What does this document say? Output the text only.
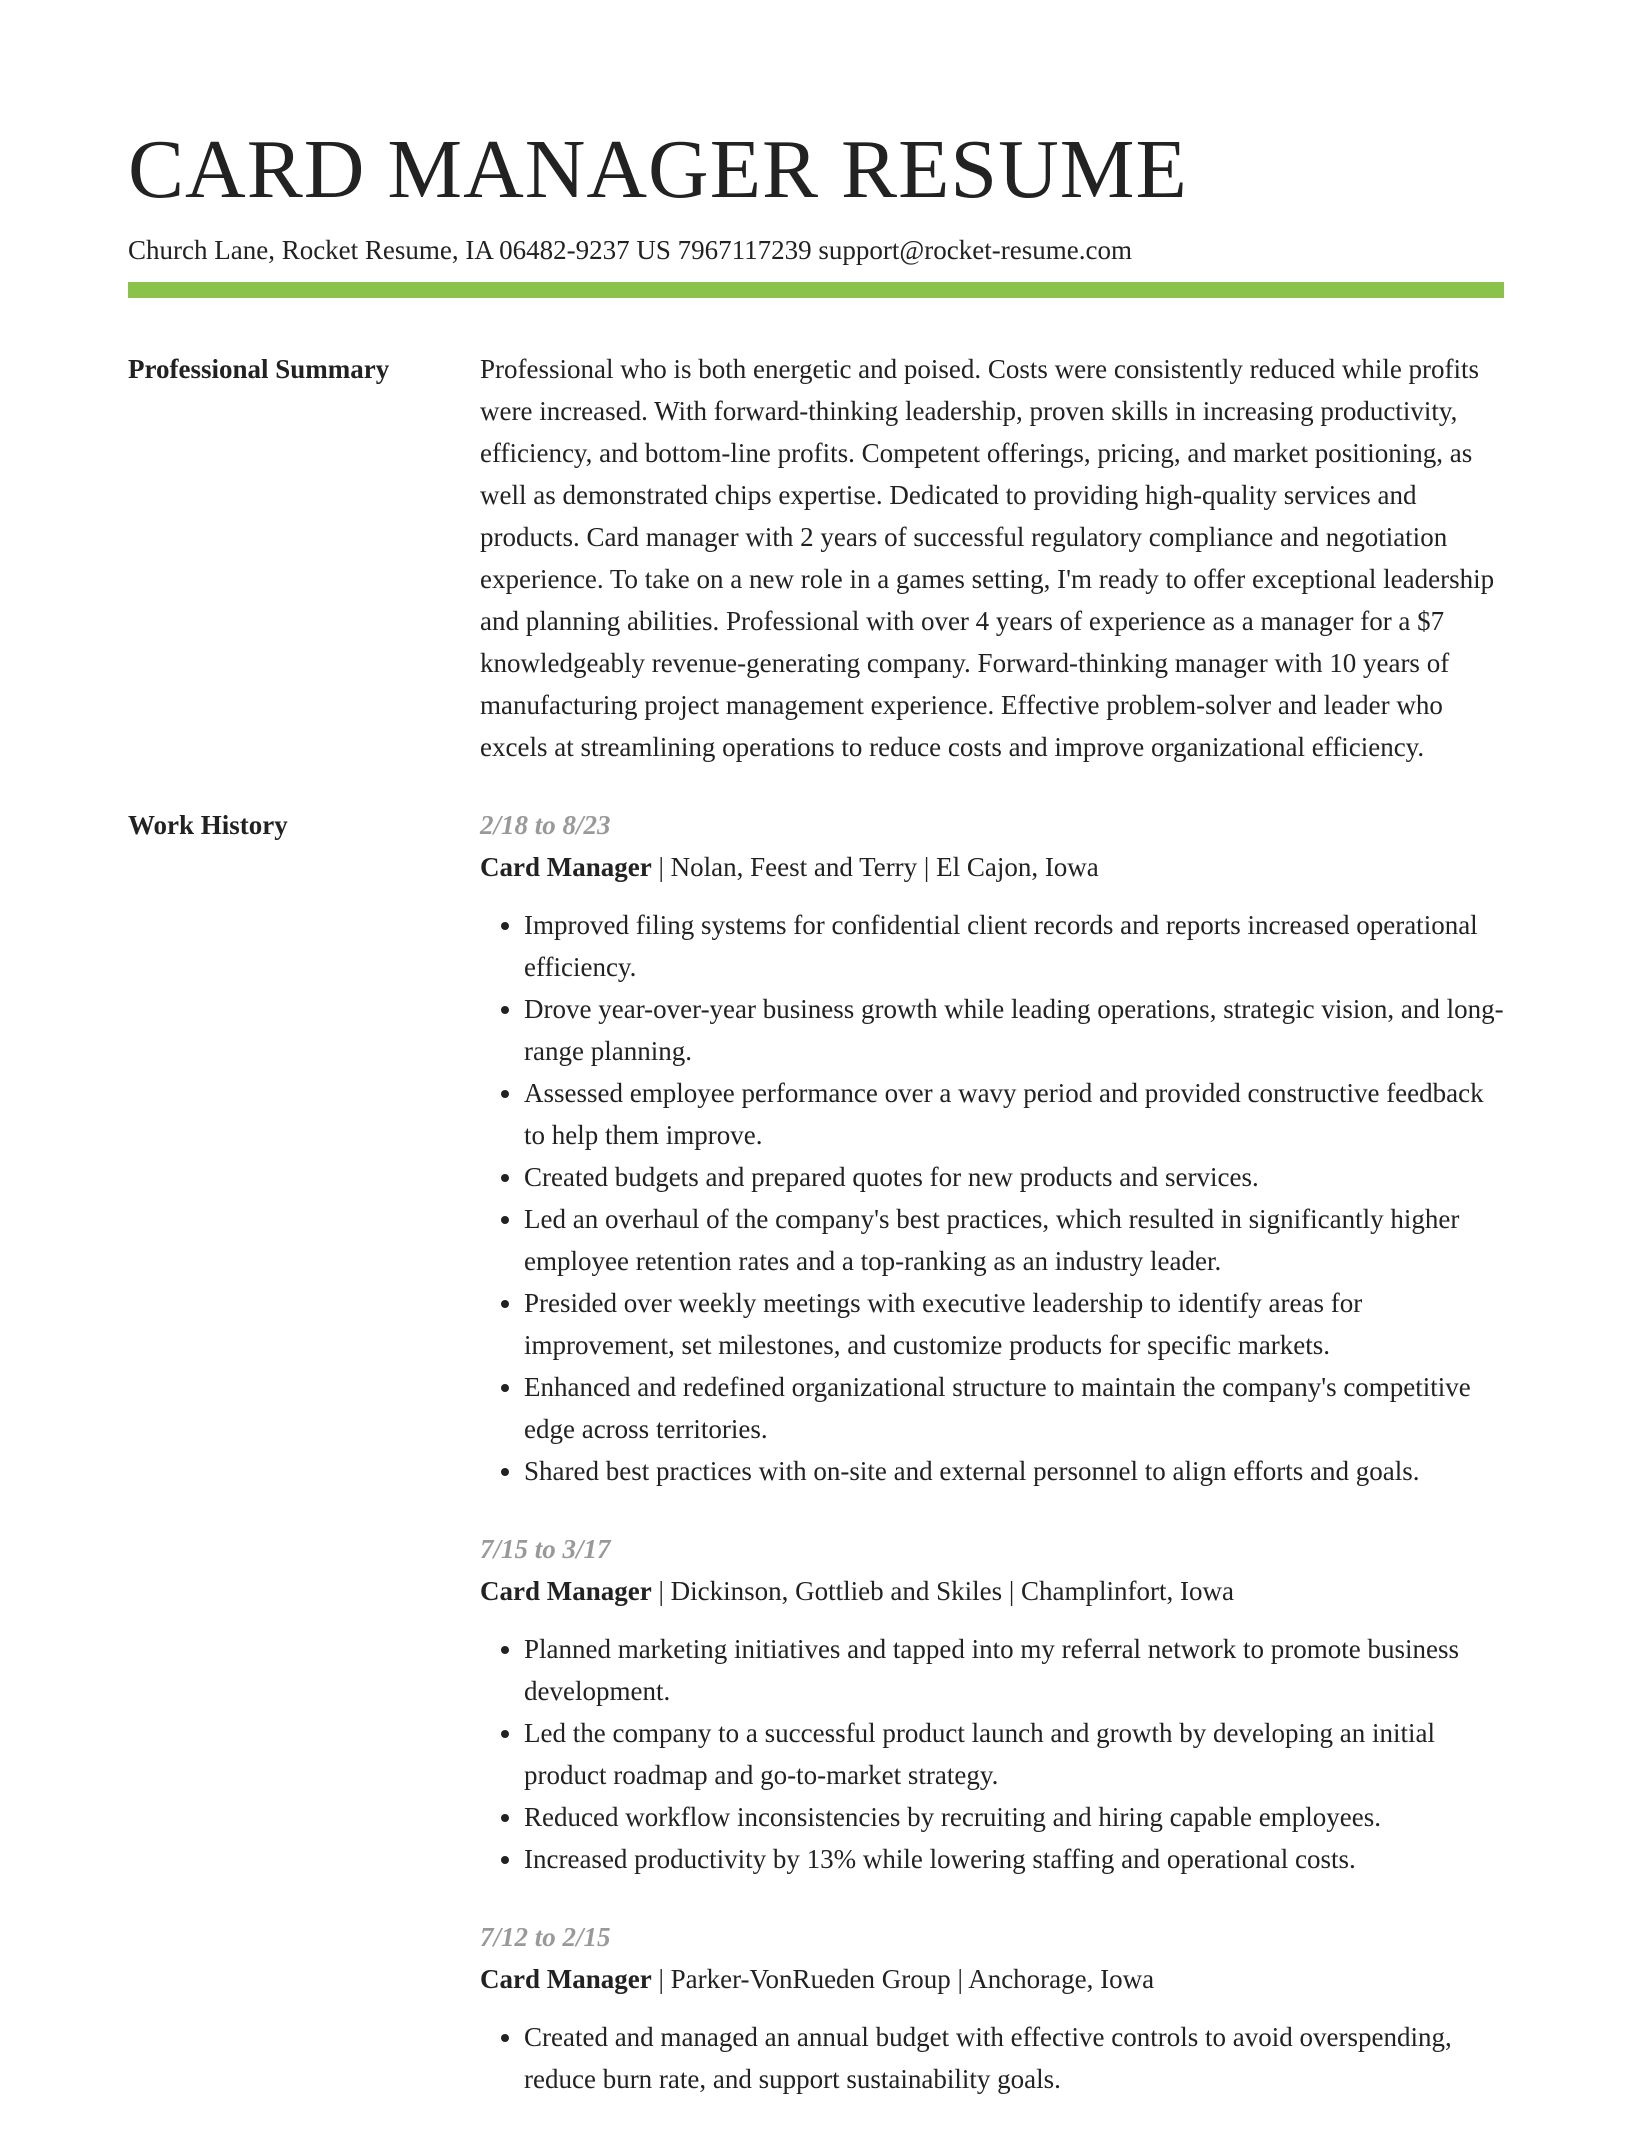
CARD MANAGER RESUME
Church Lane, Rocket Resume, IA 06482-9237 US 7967117239 support@rocket-resume.com
Professional Summary	Professional who is both energetic and poised. Costs were consistently reduced while profits were increased. With forward-thinking leadership, proven skills in increasing productivity, efficiency, and bottom-line profits. Competent offerings, pricing, and market positioning, as well as demonstrated chips expertise. Dedicated to providing high-quality services and products. Card manager with 2 years of successful regulatory compliance and negotiation experience. To take on a new role in a games setting, I'm ready to offer exceptional leadership and planning abilities. Professional with over 4 years of experience as a manager for a $7 knowledgeably revenue-generating company. Forward-thinking manager with 10 years of manufacturing project management experience. Effective problem-solver and leader who excels at streamlining operations to reduce costs and improve organizational efficiency.
Work History	2/18 to 8/23
Card Manager | Nolan, Feest and Terry | El Cajon, Iowa
• Improved filing systems for confidential client records and reports increased operational efficiency.
• Drove year-over-year business growth while leading operations, strategic vision, and long-range planning.
• Assessed employee performance over a wavy period and provided constructive feedback to help them improve.
• Created budgets and prepared quotes for new products and services.
• Led an overhaul of the company's best practices, which resulted in significantly higher employee retention rates and a top-ranking as an industry leader.
• Presided over weekly meetings with executive leadership to identify areas for improvement, set milestones, and customize products for specific markets.
• Enhanced and redefined organizational structure to maintain the company's competitive edge across territories.
• Shared best practices with on-site and external personnel to align efforts and goals.
7/15 to 3/17
Card Manager | Dickinson, Gottlieb and Skiles | Champlinfort, Iowa
• Planned marketing initiatives and tapped into my referral network to promote business development.
• Led the company to a successful product launch and growth by developing an initial product roadmap and go-to-market strategy.
• Reduced workflow inconsistencies by recruiting and hiring capable employees.
• Increased productivity by 13% while lowering staffing and operational costs.
7/12 to 2/15
Card Manager | Parker-VonRueden Group | Anchorage, Iowa
• Created and managed an annual budget with effective controls to avoid overspending, reduce burn rate, and support sustainability goals.
